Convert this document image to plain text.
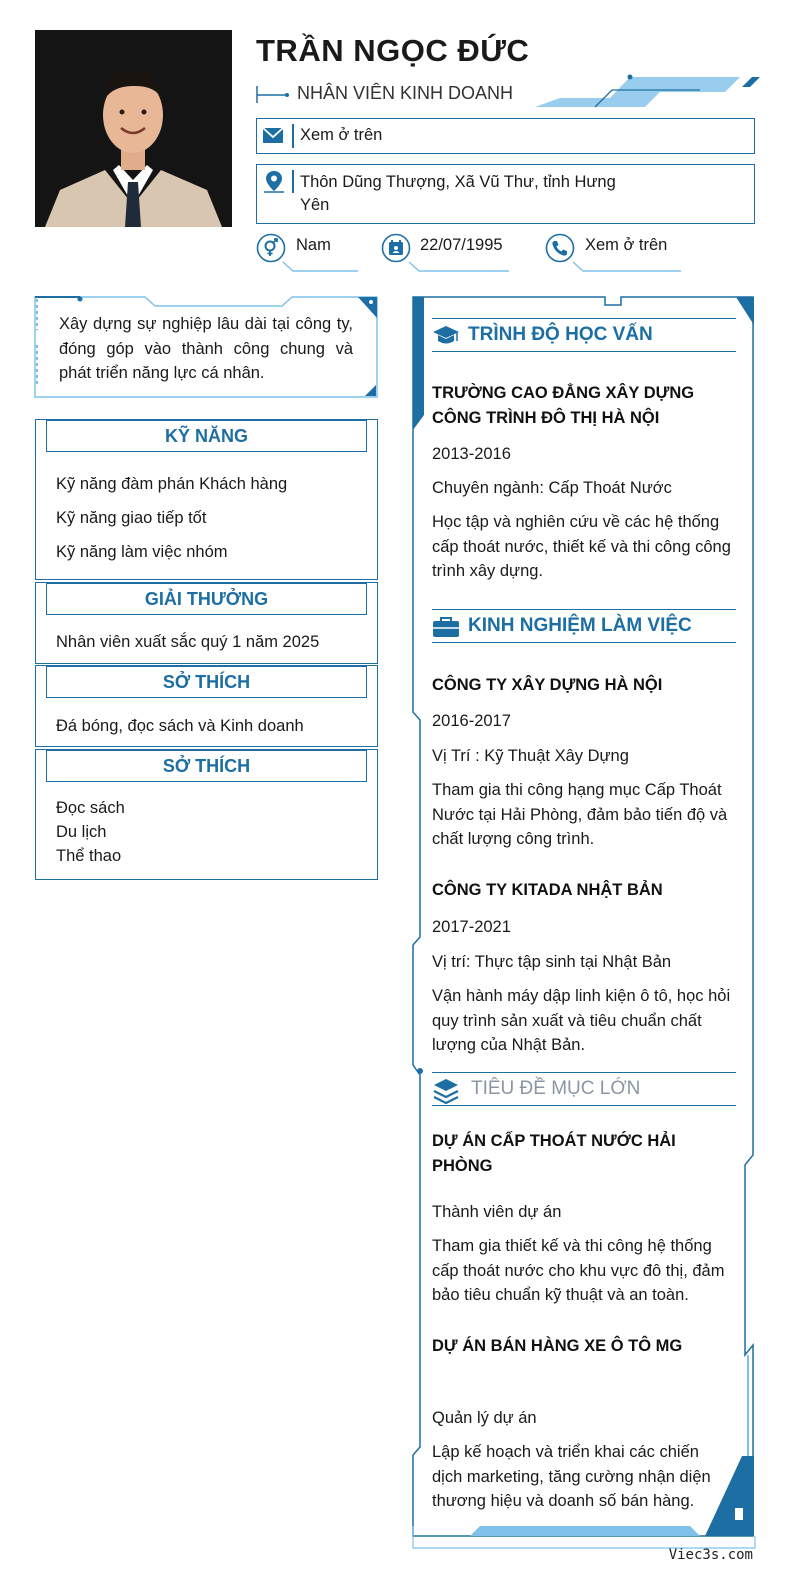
TRẦN NGỌC ĐỨC
NHÂN VIÊN KINH DOANH
Xem ở trên
Thôn Dũng Thượng, Xã Vũ Thư, tỉnh Hưng Yên
Nam	22/07/1995	Xem ở trên
Xây dựng sự nghiệp lâu dài tại công ty, đóng góp vào thành công chung và phát triển năng lực cá nhân.
KỸ NĂNG
Kỹ năng đàm phán Khách hàng
Kỹ năng giao tiếp tốt
Kỹ năng làm việc nhóm
GIẢI THƯỞNG
Nhân viên xuất sắc quý 1 năm 2025
SỞ THÍCH
Đá bóng, đọc sách và Kinh doanh
SỞ THÍCH
Đọc sách
Du lịch
Thể thao
TRÌNH ĐỘ HỌC VẤN
TRƯỜNG CAO ĐẲNG XÂY DỰNG CÔNG TRÌNH ĐÔ THỊ HÀ NỘI
2013-2016
Chuyên ngành: Cấp Thoát Nước
Học tập và nghiên cứu về các hệ thống cấp thoát nước, thiết kế và thi công công trình xây dựng.
KINH NGHIỆM LÀM VIỆC
CÔNG TY XÂY DỰNG HÀ NỘI
2016-2017
Vị Trí : Kỹ Thuật Xây Dựng
Tham gia thi công hạng mục Cấp Thoát Nước tại Hải Phòng, đảm bảo tiến độ và chất lượng công trình.
CÔNG TY KITADA NHẬT BẢN
2017-2021
Vị trí: Thực tập sinh tại Nhật Bản
Vận hành máy dập linh kiện ô tô, học hỏi quy trình sản xuất và tiêu chuẩn chất lượng của Nhật Bản.
TIÊU ĐỀ MỤC LỚN
DỰ ÁN CẤP THOÁT NƯỚC HẢI PHÒNG
Thành viên dự án
Tham gia thiết kế và thi công hệ thống cấp thoát nước cho khu vực đô thị, đảm bảo tiêu chuẩn kỹ thuật và an toàn.
DỰ ÁN BÁN HÀNG XE Ô TÔ MG
Quản lý dự án
Lập kế hoạch và triển khai các chiến dịch marketing, tăng cường nhận diện thương hiệu và doanh số bán hàng.
Viec3s.com
